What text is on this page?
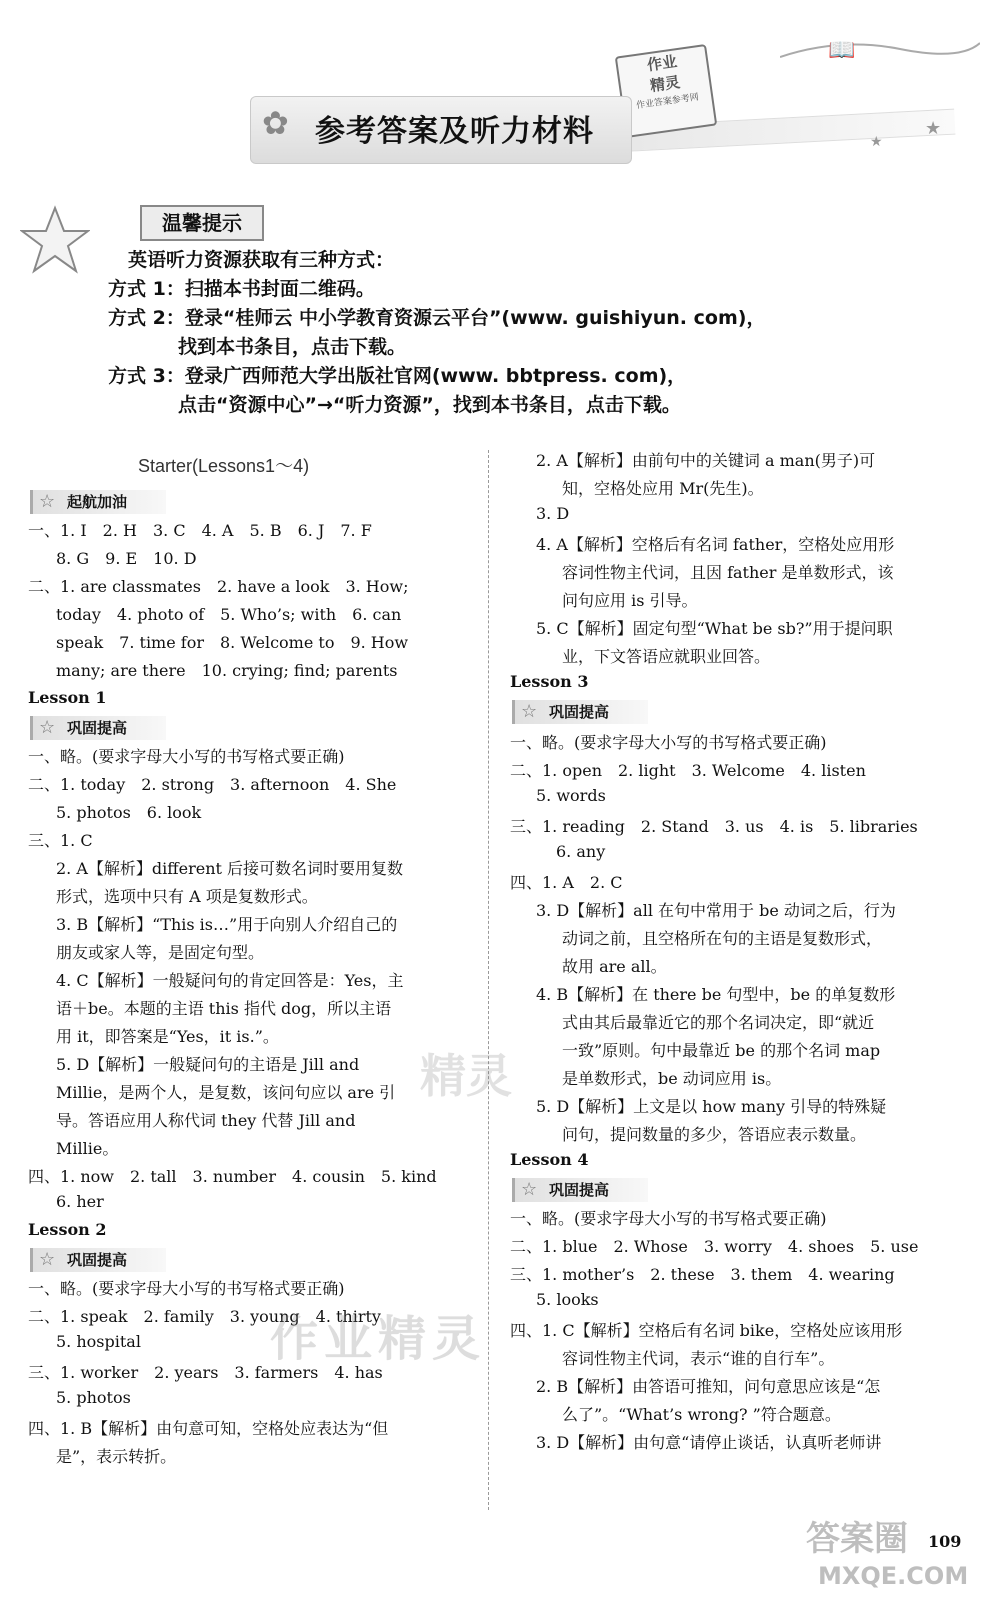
📖
作业
精灵
作业答案参考网
★
★
✿ 参考答案及听力材料
温馨提示
英语听力资源获取有三种方式：
方式 1：扫描本书封面二维码。
方式 2：登录“桂师云 中小学教育资源云平台”(www. guishiyun. com)，
找到本书条目，点击下载。
方式 3：登录广西师范大学出版社官网(www. bbtpress. com)，
点击“资源中心”→“听力资源”，找到本书条目，点击下载。
Starter(Lessons1～4)
☆ 起航加油
一、1. I　2. H　3. C　4. A　5. B　6. J　7. F
8. G　9. E　10. D
二、1. are classmates　2. have a look　3. How;
today　4. photo of　5. Who’s; with　6. can
speak　7. time for　8. Welcome to　9. How
many; are there　10. crying; find; parents
Lesson 1
☆ 巩固提高
一、略。(要求字母大小写的书写格式要正确)
二、1. today　2. strong　3. afternoon　4. She
5. photos　6. look
三、1. C
2. A【解析】different 后接可数名词时要用复数
形式，选项中只有 A 项是复数形式。
3. B【解析】“This is…”用于向别人介绍自己的
朋友或家人等，是固定句型。
4. C【解析】一般疑问句的肯定回答是：Yes，主
语＋be。本题的主语 this 指代 dog，所以主语
用 it，即答案是“Yes，it is.”。
5. D【解析】一般疑问句的主语是 Jill and
Millie，是两个人，是复数，该问句应以 are 引
导。答语应用人称代词 they 代替 Jill and
Millie。
四、1. now　2. tall　3. number　4. cousin　5. kind
6. her
Lesson 2
☆ 巩固提高
一、略。(要求字母大小写的书写格式要正确)
二、1. speak　2. family　3. young　4. thirty
5. hospital
三、1. worker　2. years　3. farmers　4. has
5. photos
四、1. B【解析】由句意可知，空格处应表达为“但
是”，表示转折。
2. A【解析】由前句中的关键词 a man(男子)可
知，空格处应用 Mr(先生)。
3. D
4. A【解析】空格后有名词 father，空格处应用形
容词性物主代词，且因 father 是单数形式，该
问句应用 is 引导。
5. C【解析】固定句型“What be sb?”用于提问职
业，下文答语应就职业回答。
Lesson 3
☆ 巩固提高
一、略。(要求字母大小写的书写格式要正确)
二、1. open　2. light　3. Welcome　4. listen
5. words
三、1. reading　2. Stand　3. us　4. is　5. libraries
6. any
四、1. A　2. C
3. D【解析】all 在句中常用于 be 动词之后，行为
动词之前，且空格所在句的主语是复数形式，
故用 are all。
4. B【解析】在 there be 句型中，be 的单复数形
式由其后最靠近它的那个名词决定，即“就近
一致”原则。句中最靠近 be 的那个名词 map
是单数形式，be 动词应用 is。
5. D【解析】上文是以 how many 引导的特殊疑
问句，提问数量的多少，答语应表示数量。
Lesson 4
☆ 巩固提高
一、略。(要求字母大小写的书写格式要正确)
二、1. blue　2. Whose　3. worry　4. shoes　5. use
三、1. mother’s　2. these　3. them　4. wearing
5. looks
四、1. C【解析】空格后有名词 bike，空格处应该用形
容词性物主代词，表示“谁的自行车”。
2. B【解析】由答语可推知，问句意思应该是“怎
么了”。“What’s wrong? ”符合题意。
3. D【解析】由句意“请停止谈话，认真听老师讲
精灵
作业精灵
答案圈
MXQE.COM
109
